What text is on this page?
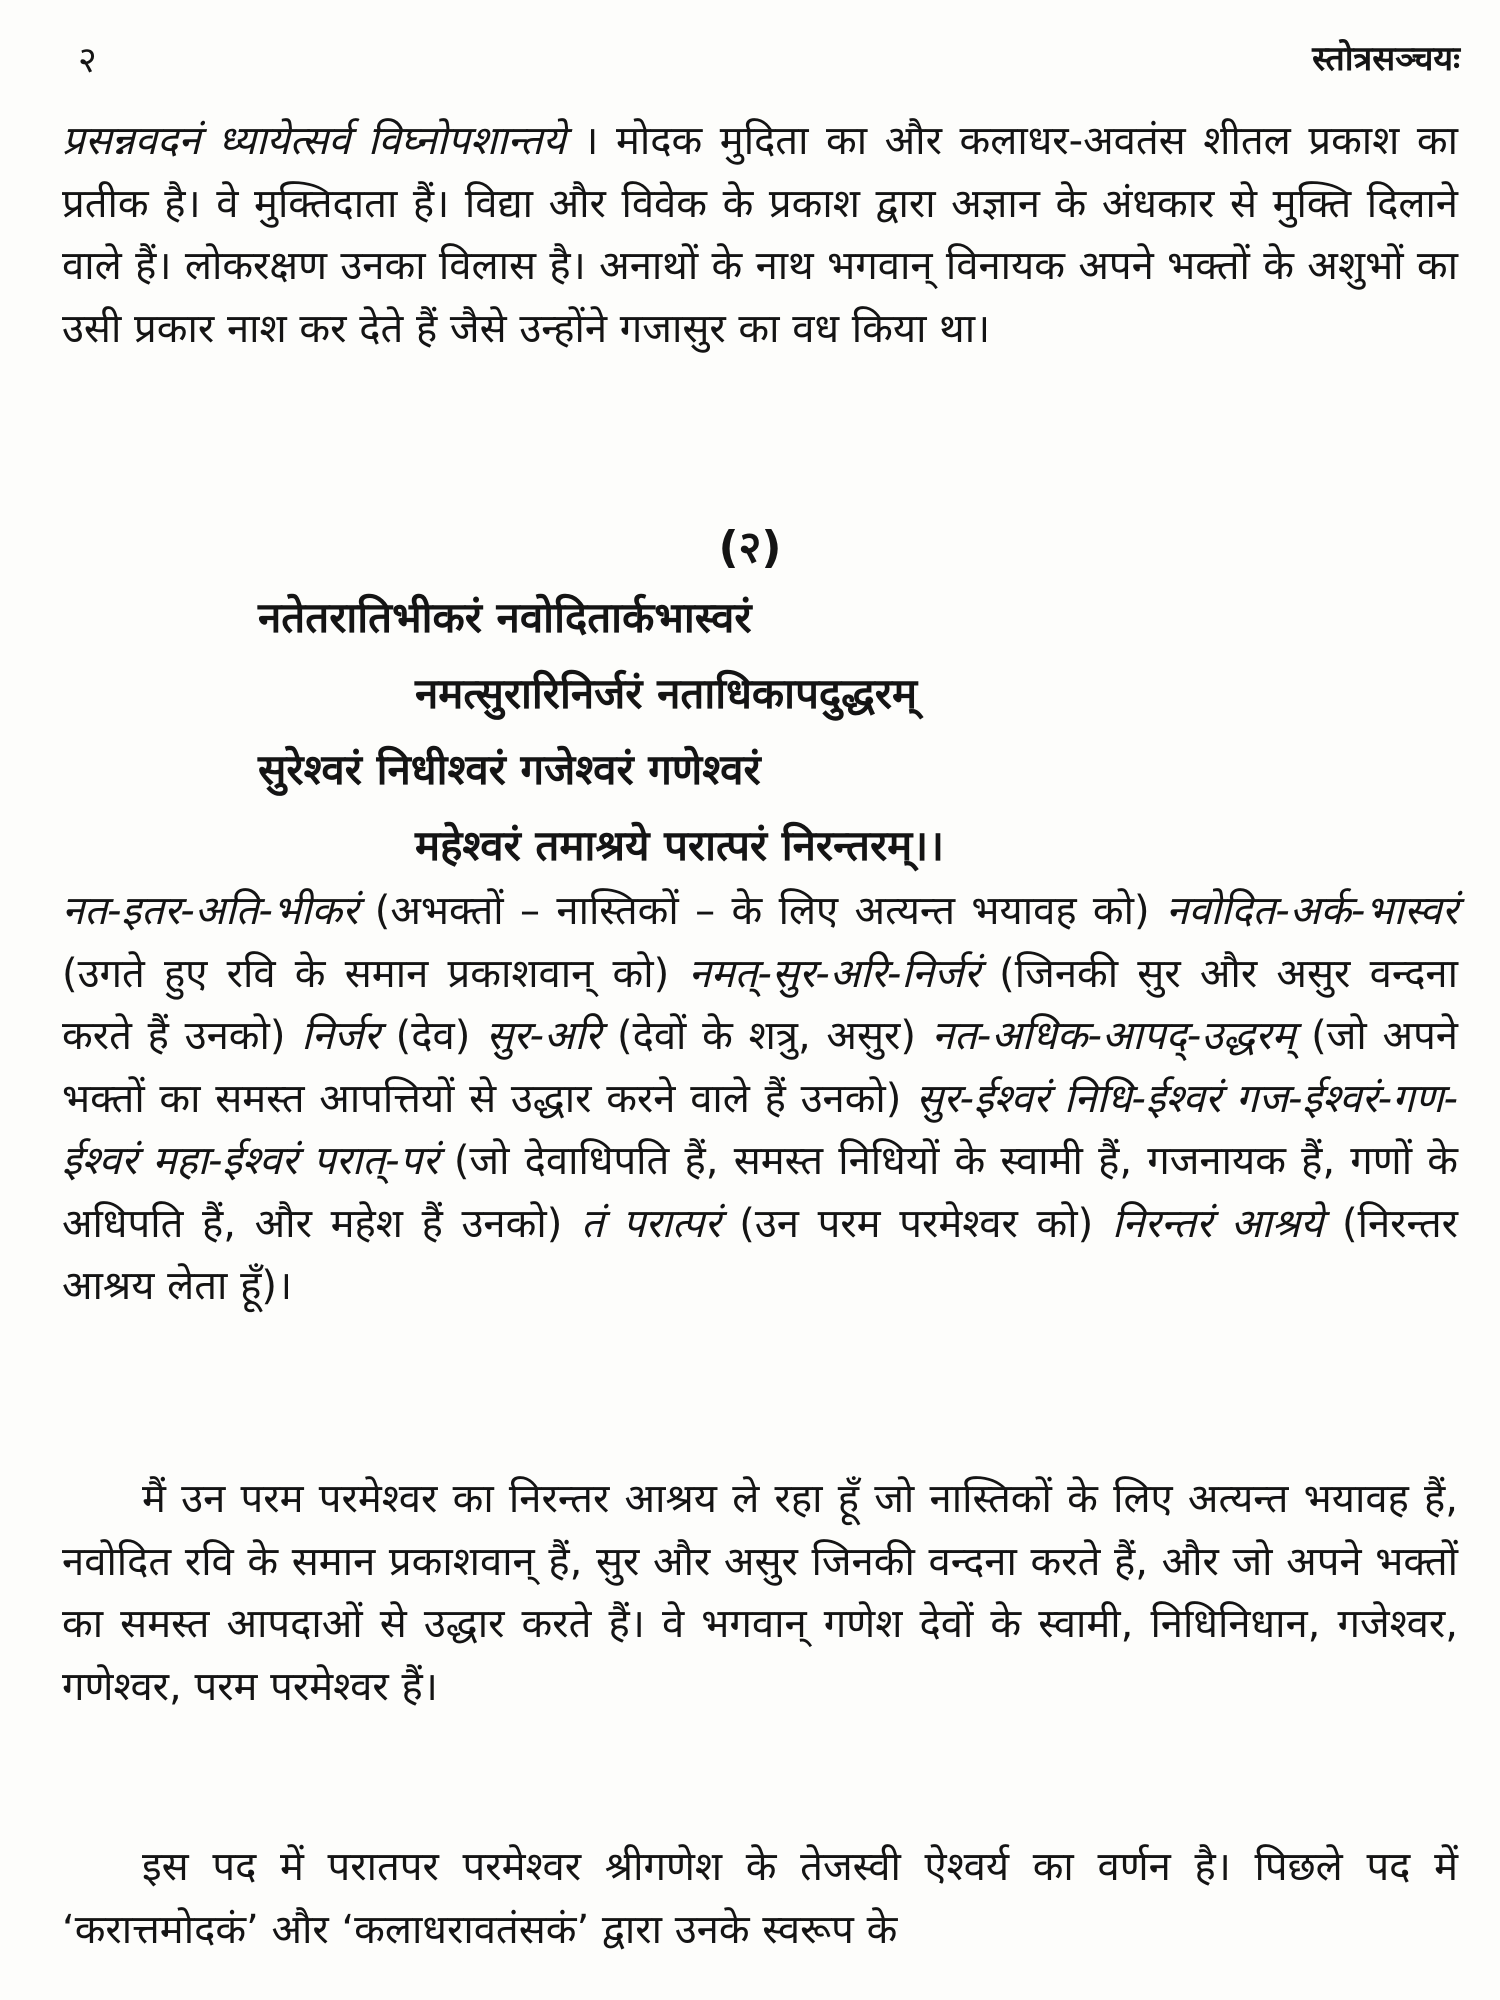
२	स्तोत्रसञ्चयः
प्रसन्नवदनं ध्यायेत्सर्व विघ्नोपशान्तये । मोदक मुदिता का और कलाधर-अवतंस शीतल प्रकाश का प्रतीक है। वे मुक्तिदाता हैं। विद्या और विवेक के प्रकाश द्वारा अज्ञान के अंधकार से मुक्ति दिलाने वाले हैं। लोकरक्षण उनका विलास है। अनाथों के नाथ भगवान् विनायक अपने भक्तों के अशुभों का उसी प्रकार नाश कर देते हैं जैसे उन्होंने गजासुर का वध किया था।
(२)
नतेतरातिभीकरं नवोदितार्कभास्वरं
नमत्सुरारिनिर्जरं नताधिकापदुद्धरम्
सुरेश्वरं निधीश्वरं गजेश्वरं गणेश्वरं
महेश्वरं तमाश्रये परात्परं निरन्तरम्।।
नत-इतर-अति-भीकरं (अभक्तों – नास्तिकों – के लिए अत्यन्त भयावह को) नवोदित-अर्क-भास्वरं (उगते हुए रवि के समान प्रकाशवान् को) नमत्-सुर-अरि-निर्जरं (जिनकी सुर और असुर वन्दना करते हैं उनको) निर्जर (देव) सुर-अरि (देवों के शत्रु, असुर) नत-अधिक-आपद्-उद्धरम् (जो अपने भक्तों का समस्त आपत्तियों से उद्धार करने वाले हैं उनको) सुर-ईश्वरं निधि-ईश्वरं गज-ईश्वरं-गण-ईश्वरं महा-ईश्वरं परात्-परं (जो देवाधिपति हैं, समस्त निधियों के स्वामी हैं, गजनायक हैं, गणों के अधिपति हैं, और महेश हैं उनको) तं परात्परं (उन परम परमेश्वर को) निरन्तरं आश्रये (निरन्तर आश्रय लेता हूँ)।
मैं उन परम परमेश्वर का निरन्तर आश्रय ले रहा हूँ जो नास्तिकों के लिए अत्यन्त भयावह हैं, नवोदित रवि के समान प्रकाशवान् हैं, सुर और असुर जिनकी वन्दना करते हैं, और जो अपने भक्तों का समस्त आपदाओं से उद्धार करते हैं। वे भगवान् गणेश देवों के स्वामी, निधिनिधान, गजेश्वर, गणेश्वर, परम परमेश्वर हैं।
इस पद में परातपर परमेश्वर श्रीगणेश के तेजस्वी ऐश्वर्य का वर्णन है। पिछले पद में ‘करात्तमोदकं’ और ‘कलाधरावतंसकं’ द्वारा उनके स्वरूप के
